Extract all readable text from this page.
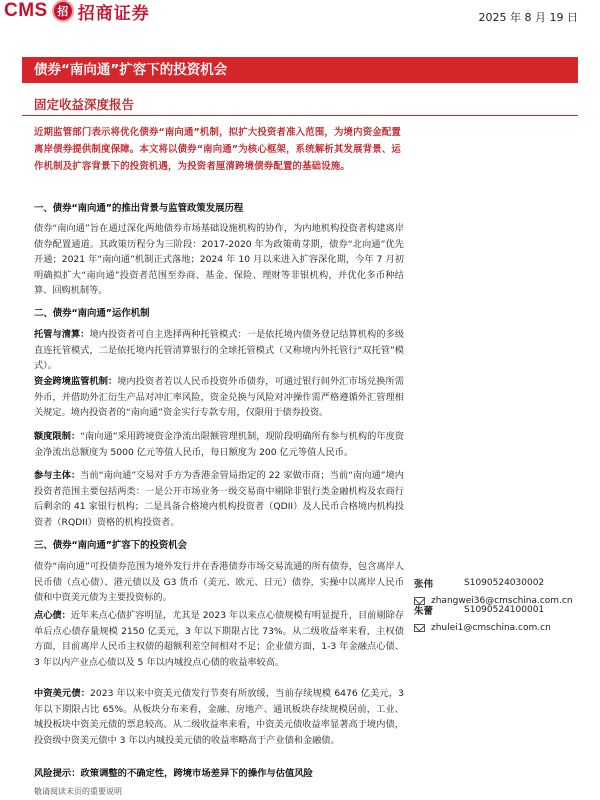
CMS 招 招商证券	2025 年 8 月 19 日
债券“南向通”扩容下的投资机会
固定收益深度报告
近期监管部门表示将优化债券“南向通”机制，拟扩大投资者准入范围，为境内资金配置离岸债券提供制度保障。本文将以债券“南向通”为核心框架，系统解析其发展背景、运作机制及扩容背景下的投资机遇，为投资者厘清跨境债券配置的基础设施。
一、债券“南向通”的推出背景与监管政策发展历程
债券“南向通”旨在通过深化两地债券市场基础设施机构的协作，为内地机构投资者构建离岸债券配置通道。其政策历程分为三阶段：2017-2020 年为政策萌芽期，债券“北向通”优先开通；2021 年“南向通”机制正式落地；2024 年 10 月以来进入扩容深化期，今年 7 月初明确拟扩大“南向通”投资者范围至券商、基金、保险、理财等非银机构，并优化多币种结算、回购机制等。
二、债券“南向通”运作机制
托管与清算：境内投资者可自主选择两种托管模式：一是依托境内债务登记结算机构的多级直连托管模式，二是依托境内托管清算银行的全球托管模式（又称境内外托管行“双托管”模式）。
资金跨境监管机制：境内投资者若以人民币投资外币债券，可通过银行间外汇市场兑换所需外币，并借助外汇衍生产品对冲汇率风险，资金兑换与风险对冲操作需严格遵循外汇管理相关规定。境内投资者的“南向通”资金实行专款专用，仅限用于债券投资。
额度限制：“南向通”采用跨境资金净流出限额管理机制，现阶段明确所有参与机构的年度资金净流出总额度为 5000 亿元等值人民币，每日额度为 200 亿元等值人民币。
参与主体：当前“南向通”交易对手方为香港金管局指定的 22 家做市商；当前“南向通”境内投资者范围主要包括两类：一是公开市场业务一级交易商中剔除非银行类金融机构及农商行后剩余的 41 家银行机构；二是具备合格境内机构投资者（QDII）及人民币合格境内机构投资者（RQDII）资格的机构投资者。
三、债券“南向通”扩容下的投资机会
债券“南向通”可投债券范围为境外发行并在香港债券市场交易流通的所有债券，包含离岸人民币债（点心债）、港元债以及 G3 货币（美元、欧元、日元）债券，实操中以离岸人民币债和中资美元债为主要投资标的。
点心债：近年来点心债扩容明显，尤其是 2023 年以来点心债规模有明显提升，目前剔除存单后点心债存量规模 2150 亿美元，3 年以下期限占比 73%。从二级收益率来看，主权债方面，目前离岸人民币主权债的超额利差空间相对不足；企业债方面，1-3 年金融点心债、3 年以内产业点心债以及 5 年以内城投点心债的收益率较高。
中资美元债：2023 年以来中资美元债发行节奏有所放缓，当前存续规模 6476 亿美元，3 年以下期限占比 65%。从板块分布来看，金融、房地产、通讯板块存续规模居前，工业、城投板块中资美元债的票息较高。从二级收益率来看，中资美元债收益率显著高于境内债，投资级中资美元债中 3 年以内城投美元债的收益率略高于产业债和金融债。
张伟	S1090524030002
zhangwei36@cmschina.com.cn
朱蕾	S1090524100001
zhulei1@cmschina.com.cn
风险提示：政策调整的不确定性，跨境市场差异下的操作与估值风险
敬请阅读末页的重要说明
